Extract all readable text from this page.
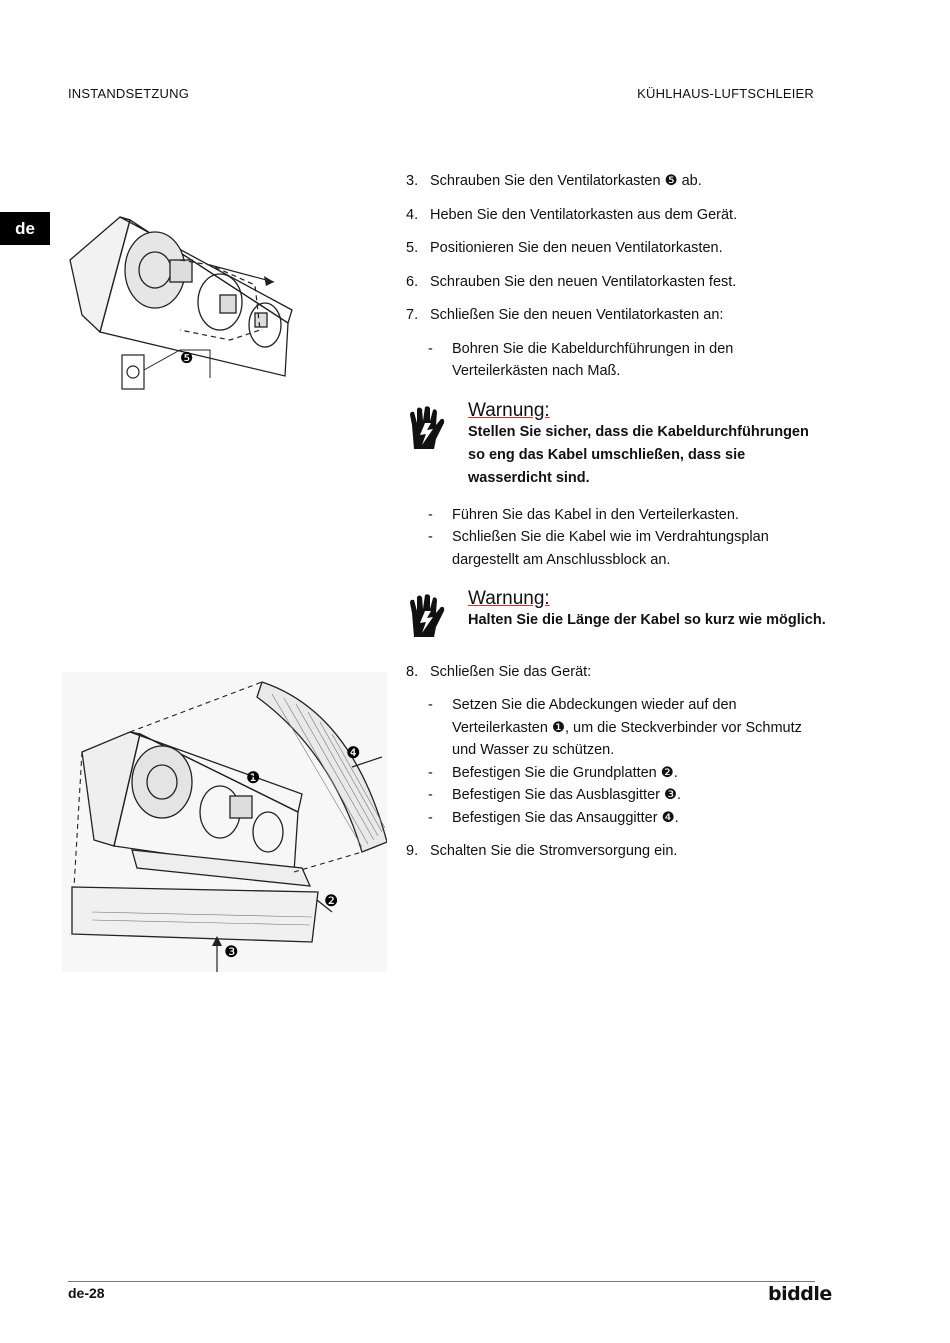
INSTANDSETZUNG	KÜHLHAUS-LUFTSCHLEIER
de
❺
❶
❷
❸
❹
3. Schrauben Sie den Ventilatorkasten ❺ ab.
4. Heben Sie den Ventilatorkasten aus dem Gerät.
5. Positionieren Sie den neuen Ventilatorkasten.
6. Schrauben Sie den neuen Ventilatorkasten fest.
7. Schließen Sie den neuen Ventilatorkasten an:
-	Bohren Sie die Kabeldurchführungen in den Verteilerkästen nach Maß.
Warnung:
Stellen Sie sicher, dass die Kabeldurchführungen so eng das Kabel umschließen, dass sie wasserdicht sind.
-	Führen Sie das Kabel in den Verteilerkasten.
-	Schließen Sie die Kabel wie im Verdrahtungsplan dargestellt am Anschlussblock an.
Warnung:
Halten Sie die Länge der Kabel so kurz wie möglich.
8. Schließen Sie das Gerät:
-	Setzen Sie die Abdeckungen wieder auf den Verteilerkasten ❶, um die Steckverbinder vor Schmutz und Wasser zu schützen.
-	Befestigen Sie die Grundplatten ❷.
-	Befestigen Sie das Ausblasgitter ❸.
-	Befestigen Sie das Ansauggitter ❹.
9. Schalten Sie die Stromversorgung ein.
de-28	biddle
